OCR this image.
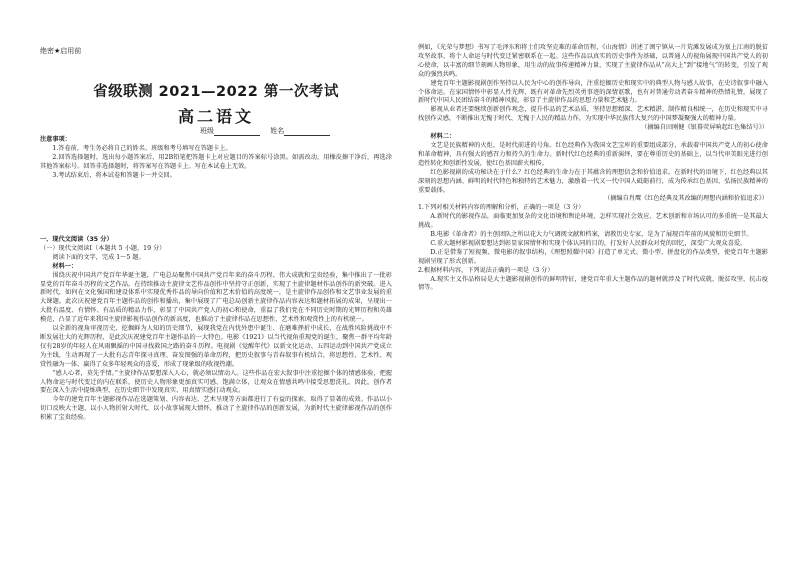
绝密★启用前
省级联测 2021—2022 第一次考试
高二语文
班级	姓名

注意事项：

1.答卷前，考生务必将自己的姓名、班级和考号填写在答题卡上。

2.回答选择题时，选出每小题答案后，用2B铅笔把答题卡上对应题目的答案标号涂黑。如需改动，用橡皮擦干净后，再选涂其他答案标号。回答非选择题时，将答案写在答题卡上。写在本试卷上无效。

3.考试结束后，将本试卷和答题卡一并交回。

一、现代文阅读（35 分）

（一）现代文阅读Ⅰ（本题共 5 小题，19 分）

阅读下面的文字，完成 1～5 题。

材料一：

围绕庆祝中国共产党百年华诞主题，广电总局聚焦中国共产党百年来的奋斗历程、伟大成就和宝贵经验，集中推出了一批彰显党的百年奋斗历程的文艺作品，在持续推动主旋律文艺作品创作中坚持守正创新，实现了主旋律题材作品创作的新突破。进入新时代，如何在文化强国和建设体系中实现优秀作品的导向价值和艺术价值的高度统一，是主旋律作品创作和文艺事业发展的重大课题。此次庆祝建党百年主题作品的创作和播出，集中展现了广电总局创新主旋律作品内容表达和题材拓展的成果，呈现出一大批有温度、有情怀、有品质的精品力作，彰显了中国共产党人的初心和使命，重温了我们党在不同历史时期的光辉历程和英雄模范，凸显了近年来我国主旋律影视作品创作的新高度，也推动了主旋律作品在思想性、艺术性和观赏性上的有机统一。

以全新的视角审视历史，挖掘鲜为人知的历史细节，展现我党在内忧外患中诞生、在磨难挫折中成长、在战胜风险挑战中不断发展壮大的光辉历程，是此次庆祝建党百年主题作品的一大特色。电影《1921》以当代视角重现党的诞生，聚焦一群平均年龄仅有28岁的年轻人在风雨飘摇的中国寻找救国之路的奋斗历程。电视剧《觉醒年代》以新文化运动、五四运动到中国共产党成立为主线，生动再现了一大批有志青年探寻真理、奋发图强的革命历程，把历史叙事与青春叙事有机结合，将思想性、艺术性、观赏性融为一体，赢得了众多年轻观众的喜爱，形成了现象级的收视热潮。

“感人心者，莫先乎情。”主旋律作品要想深入人心，就必须以情动人。这些作品在宏大叙事中注重挖掘个体的情感体验，把握人物命运与时代变迁的内在联系，使历史人物形象更加真实可感、饱满立体，让观众在情感共鸣中接受思想洗礼。因此，创作者要在深入生活中提炼典型，在历史细节中发现真实，用真情实感打动观众。

今年的建党百年主题影视作品在选题策划、内容表达、艺术呈现等方面都进行了有益的探索，取得了显著的成效。作品以小切口反映大主题、以小人物折射大时代、以小故事展现大情怀，推动了主旋律作品的创新发展，为新时代主旋律影视作品的创作积累了宝贵经验。

例如，《光荣与梦想》书写了毛泽东和将士们攻坚克难的革命历程，《山海情》讲述了闽宁镇从一片荒滩发展成为塞上江南的脱贫攻坚故事，将个人命运与时代变迁紧密联系在一起。这些作品以真实的历史事件为基础，以普通人的视角展现中国共产党人的初心使命，以丰富的细节刻画人物形象，用生动的故事传递精神力量，实现了主旋律作品从“高大上”到“接地气”的转变，引发了观众的强烈共鸣。

建党百年主题影视剧创作坚持以人民为中心的创作导向，注重挖掘历史和现实中的典型人物与感人故事，在史诗叙事中融入个体命运，在家国情怀中彰显人性光辉，既有对革命先烈英勇事迹的深情讴歌，也有对普通劳动者奋斗精神的热情礼赞，展现了新时代中国人民团结奋斗的精神风貌，彰显了主旋律作品的思想力量和艺术魅力。

影视从业者还要继续创新创作观念，提升作品的艺术品质，坚持思想精深、艺术精湛、制作精良相统一，在历史和现实中寻找创作灵感，不断推出无愧于时代、无愧于人民的精品力作，为实现中华民族伟大复兴的中国梦凝聚强大的精神力量。

（摘编自田刚健《银幕荧屏响起红色集结号》）

材料二：

文艺是民族精神的火炬，是时代前进的号角。红色经典作为我国文艺宝库的重要组成部分，承载着中国共产党人的初心使命和革命精神，具有强大的感召力和持久的生命力。新时代红色经典的重新演绎，要在尊重历史的基础上，以当代审美眼光进行创造性转化和创新性发展，使红色基因薪火相传。

红色影视剧的成功秘诀在于什么？红色经典的生命力在于其蕴含的理想信念和价值追求。在新时代的语境下，红色经典以其深刻的思想内涵、鲜明的时代特色和独特的艺术魅力，激励着一代又一代中国人砥砺前行，成为传承红色基因、弘扬民族精神的重要载体。

（摘编自肖鹰《红色经典及其改编的理想内涵和价值追求》）

1.下列对相关材料内容的理解和分析，正确的一项是（3 分）

A.新时代的影视作品，面临更加复杂的文化语境和舆论环境，怎样实现社会效应、艺术创新和市场认可的多重统一是其最大挑战。

B.电影《革命者》的主创团队之所以花大力气调阅文献和档案，请教历史专家，是为了展现百年前的风貌和历史细节。

C.重大题材影视剧要想达到彰显家国情怀和实现个体认同的目的，打发好人民群众对党的回忆，深受广大观众喜爱。

D.正是借鉴了短视频、微电影的叙事结构，《理想照耀中国》打造了单元式、微小型、拼盘化的作品类型，使党百年主题影视剧呈现了形式创新。

2.根据材料内容，下列说法正确的一项是（3 分）

A.现实主义作品格局是大主题影视剧创作的鲜明特征，建党百年重大主题作品的题材就涉及了时代成就、脱贫攻坚、抗击疫情等。
